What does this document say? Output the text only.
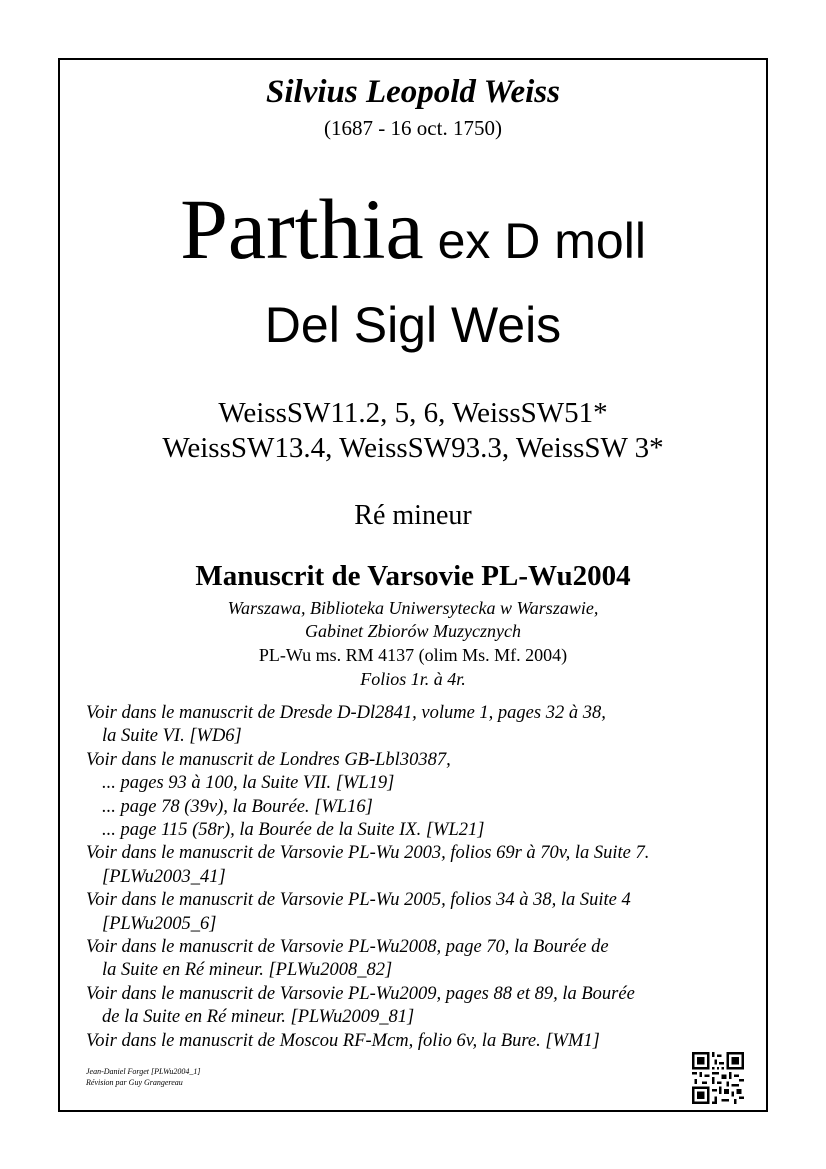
Silvius Leopold Weiss
(1687 - 16 oct. 1750)
Parthia ex D moll
Del Sigl Weis
WeissSW11.2, 5, 6, WeissSW51*
WeissSW13.4, WeissSW93.3, WeissSW 3*
Ré mineur
Manuscrit de Varsovie PL-Wu2004
Warszawa, Biblioteka Uniwersytecka w Warszawie,
Gabinet Zbiorów Muzycznych
PL-Wu ms. RM 4137 (olim Ms. Mf. 2004)
Folios 1r. à 4r.
Voir dans le manuscrit de Dresde D-Dl2841, volume 1, pages 32 à 38,
la Suite VI. [WD6]
Voir dans le manuscrit de Londres GB-Lbl30387,
... pages 93 à 100, la Suite VII. [WL19]
... page 78 (39v), la Bourée. [WL16]
... page 115 (58r), la Bourée de la Suite IX. [WL21]
Voir dans le manuscrit de Varsovie PL-Wu 2003, folios 69r à 70v, la Suite 7.
[PLWu2003_41]
Voir dans le manuscrit de Varsovie PL-Wu 2005, folios 34 à 38, la Suite 4
[PLWu2005_6]
Voir dans le manuscrit de Varsovie PL-Wu2008, page 70, la Bourée de
la Suite en Ré mineur. [PLWu2008_82]
Voir dans le manuscrit de Varsovie PL-Wu2009, pages 88 et 89, la Bourée
de la Suite en Ré mineur. [PLWu2009_81]
Voir dans le manuscrit de Moscou RF-Mcm, folio 6v, la Bure. [WM1]
Jean-Daniel Forget [PLWu2004_1]
Révision par Guy Grangereau
